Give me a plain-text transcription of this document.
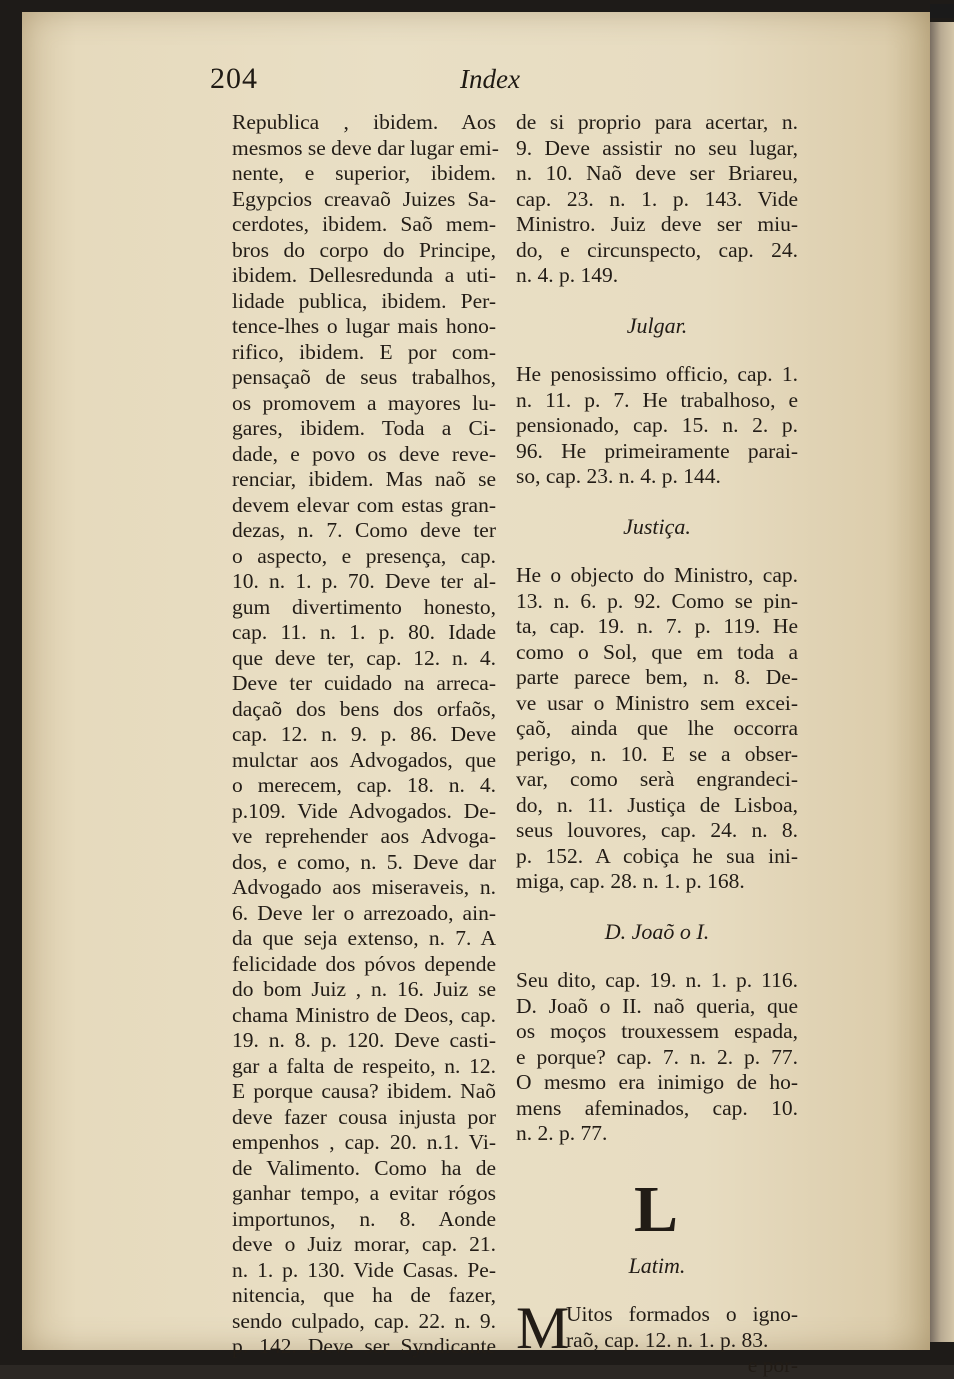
204	Index
Republica , ibidem. Aos
mesmos se deve dar lugar emi-
nente, e superior, ibidem.
Egypcios creavaõ Juizes Sa-
cerdotes, ibidem. Saõ mem-
bros do corpo do Principe,
ibidem. Dellesredunda a uti-
lidade publica, ibidem. Per-
tence-lhes o lugar mais hono-
rifico, ibidem. E por com-
pensaçaõ de seus trabalhos,
os promovem a mayores lu-
gares, ibidem. Toda a Ci-
dade, e povo os deve reve-
renciar, ibidem. Mas naõ se
devem elevar com estas gran-
dezas, n. 7. Como deve ter
o aspecto, e presença, cap.
10. n. 1. p. 70. Deve ter al-
gum divertimento honesto,
cap. 11. n. 1. p. 80. Idade
que deve ter, cap. 12. n. 4.
Deve ter cuidado na arreca-
daçaõ dos bens dos orfaõs,
cap. 12. n. 9. p. 86. Deve
mulctar aos Advogados, que
o merecem, cap. 18. n. 4.
p.109. Vide Advogados. De-
ve reprehender aos Advoga-
dos, e como, n. 5. Deve dar
Advogado aos miseraveis, n.
6. Deve ler o arrezoado, ain-
da que seja extenso, n. 7. A
felicidade dos póvos depende
do bom Juiz , n. 16. Juiz se
chama Ministro de Deos, cap.
19. n. 8. p. 120. Deve casti-
gar a falta de respeito, n. 12.
E porque causa? ibidem. Naõ
deve fazer cousa injusta por
empenhos , cap. 20. n.1. Vi-
de Valimento. Como ha de
ganhar tempo, a evitar rógos
importunos, n. 8. Aonde
deve o Juiz morar, cap. 21.
n. 1. p. 130. Vide Casas. Pe-
nitencia, que ha de fazer,
sendo culpado, cap. 22. n. 9.
p. 142. Deve ser Syndicante
de si proprio para acertar, n.
9. Deve assistir no seu lugar,
n. 10. Naõ deve ser Briareu,
cap. 23. n. 1. p. 143. Vide
Ministro. Juiz deve ser miu-
do, e circunspecto, cap. 24.
n. 4. p. 149.
Julgar.
He penosissimo officio, cap. 1.
n. 11. p. 7. He trabalhoso, e
pensionado, cap. 15. n. 2. p.
96. He primeiramente parai-
so, cap. 23. n. 4. p. 144.
Justiça.
He o objecto do Ministro, cap.
13. n. 6. p. 92. Como se pin-
ta, cap. 19. n. 7. p. 119. He
como o Sol, que em toda a
parte parece bem, n. 8. De-
ve usar o Ministro sem excei-
çaõ, ainda que lhe occorra
perigo, n. 10. E se a obser-
var, como serà engrandeci-
do, n. 11. Justiça de Lisboa,
seus louvores, cap. 24. n. 8.
p. 152. A cobiça he sua ini-
miga, cap. 28. n. 1. p. 168.
D. Joaõ o I.
Seu dito, cap. 19. n. 1. p. 116.
D. Joaõ o II. naõ queria, que
os moços trouxessem espada,
e porque? cap. 7. n. 2. p. 77.
O mesmo era inimigo de ho-
mens afeminados, cap. 10.
n. 2. p. 77.
L
Latim.
M
Uitos formados o igno-
raõ, cap. 12. n. 1. p. 83.
e por-
